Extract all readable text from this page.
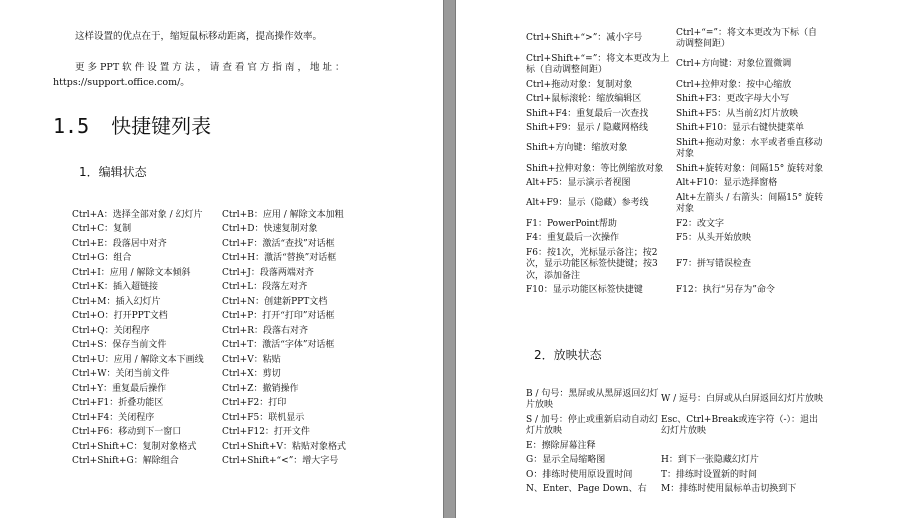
这样设置的优点在于，缩短鼠标移动距离，提高操作效率。
更 多 PPT 软 件 设 置 方 法 ， 请 查 看 官 方 指 南 ， 地 址 ： https://support.office.com/。
1.5 快捷键列表
1．编辑状态
Ctrl+A：选择全部对象 / 幻灯片	Ctrl+B：应用 / 解除文本加粗
Ctrl+C：复制	Ctrl+D：快速复制对象
Ctrl+E：段落居中对齐	Ctrl+F：激活“查找”对话框
Ctrl+G：组合	Ctrl+H：激活“替换”对话框
Ctrl+I：应用 / 解除文本倾斜	Ctrl+J：段落两端对齐
Ctrl+K：插入超链接	Ctrl+L：段落左对齐
Ctrl+M：插入幻灯片	Ctrl+N：创建新PPT文档
Ctrl+O：打开PPT文档	Ctrl+P：打开“打印”对话框
Ctrl+Q：关闭程序	Ctrl+R：段落右对齐
Ctrl+S：保存当前文件	Ctrl+T：激活“字体”对话框
Ctrl+U：应用 / 解除文本下画线	Ctrl+V：粘贴
Ctrl+W：关闭当前文件	Ctrl+X：剪切
Ctrl+Y：重复最后操作	Ctrl+Z：撤销操作
Ctrl+F1：折叠功能区	Ctrl+F2：打印
Ctrl+F4：关闭程序	Ctrl+F5：联机显示
Ctrl+F6：移动到下一窗口	Ctrl+F12：打开文件
Ctrl+Shift+C：复制对象格式	Ctrl+Shift+V：粘贴对象格式
Ctrl+Shift+G：解除组合	Ctrl+Shift+“<”：增大字号
Ctrl+Shift+“>”：减小字号	Ctrl+“=”：将文本更改为下标（自动调整间距）
Ctrl+Shift+“=”：将文本更改为上标（自动调整间距）	Ctrl+方向键：对象位置微调
Ctrl+拖动对象：复制对象	Ctrl+拉伸对象：按中心缩放
Ctrl+鼠标滚轮：缩放编辑区	Shift+F3：更改字母大小写
Shift+F4：重复最后一次查找	Shift+F5：从当前幻灯片放映
Shift+F9：显示 / 隐藏网格线	Shift+F10：显示右键快捷菜单
Shift+方向键：缩放对象	Shift+拖动对象：水平或者垂直移动对象
Shift+拉伸对象：等比例缩放对象	Shift+旋转对象：间隔15° 旋转对象
Alt+F5：显示演示者视图	Alt+F10：显示选择窗格
Alt+F9：显示（隐藏）参考线	Alt+左箭头 / 右箭头：间隔15° 旋转对象
F1：PowerPoint帮助	F2：改文字
F4：重复最后一次操作	F5：从头开始放映
F6：按1次，光标显示备注；按2次，显示功能区标签快捷键；按3次，添加备注	F7：拼写错误检查
F10：显示功能区标签快捷键	F12：执行“另存为”命令
2．放映状态
B / 句号：黑屏或从黑屏返回幻灯片放映	W / 逗号：白屏或从白屏返回幻灯片放映
S / 加号：停止或重新启动自动幻灯片放映	Esc、Ctrl+Break或连字符（-）：退出幻灯片放映
E：擦除屏幕注释	
G：显示全局缩略图	H：到下一张隐藏幻灯片
O：排练时使用原设置时间	T：排练时设置新的时间
N、Enter、Page Down、右	M：排练时使用鼠标单击切换到下
